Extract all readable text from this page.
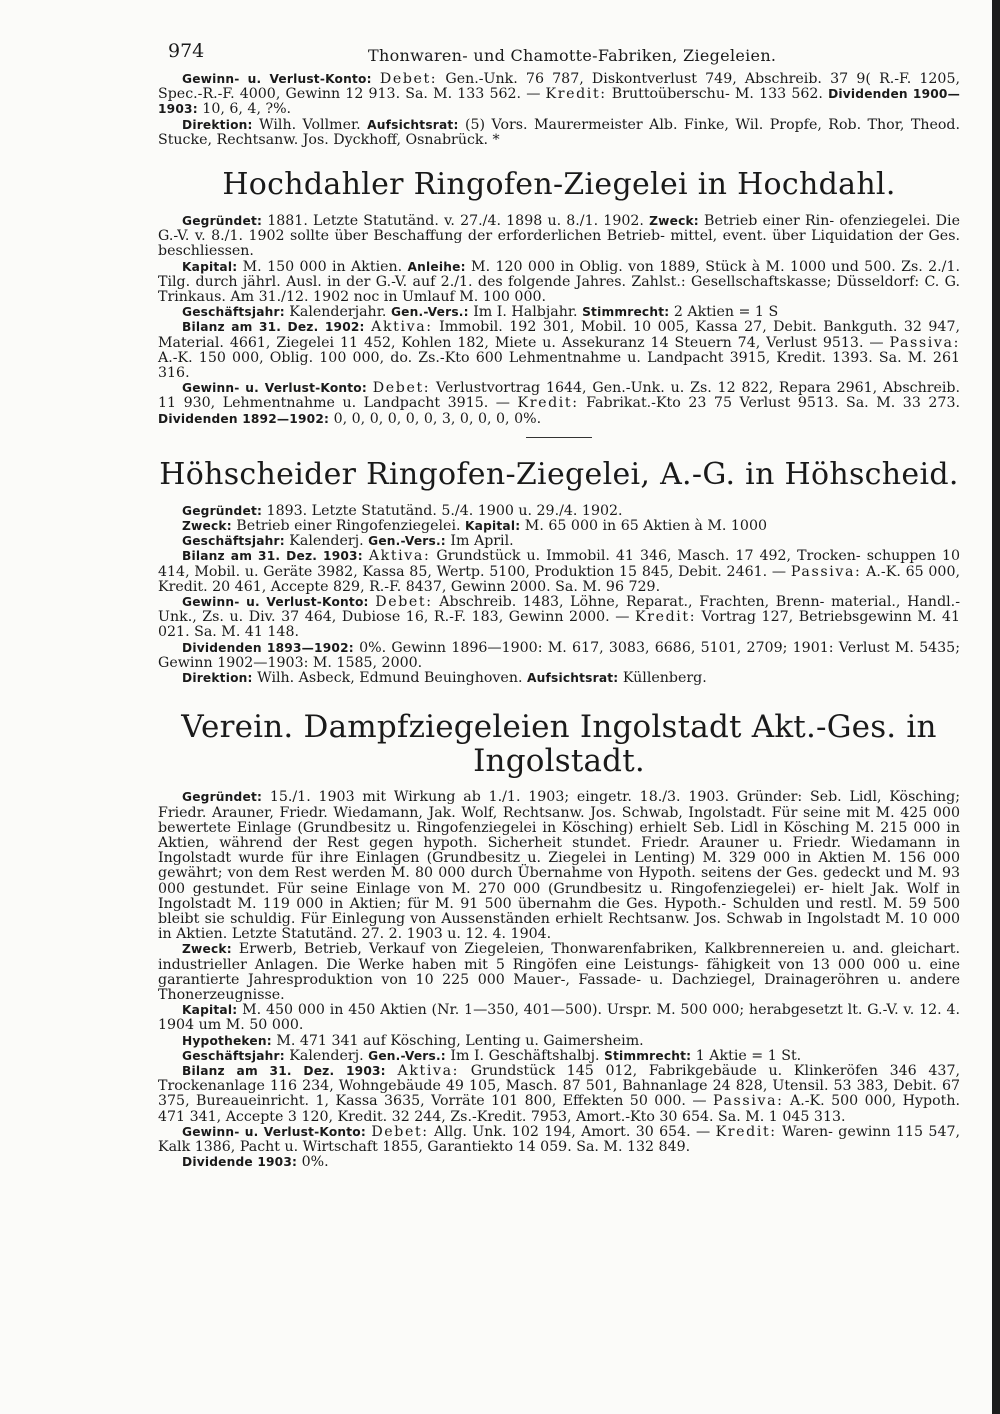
974	Thonwaren- und Chamotte-Fabriken, Ziegeleien.

Gewinn- u. Verlust-Konto: Debet: Gen.-Unk. 76 787, Diskontverlust 749, Abschreib. 37 9( R.-F. 1205, Spec.-R.-F. 4000, Gewinn 12 913. Sa. M. 133 562. — Kredit: Bruttoüberschu- M. 133 562. Dividenden 1900—1903: 10, 6, 4, ?%.

Direktion: Wilh. Vollmer. Aufsichtsrat: (5) Vors. Maurermeister Alb. Finke, Wil. Propfe, Rob. Thor, Theod. Stucke, Rechtsanw. Jos. Dyckhoff, Osnabrück. *

Hochdahler Ringofen-Ziegelei in Hochdahl.

Gegründet: 1881. Letzte Statutänd. v. 27./4. 1898 u. 8./1. 1902. Zweck: Betrieb einer Rin- ofenziegelei. Die G.-V. v. 8./1. 1902 sollte über Beschaffung der erforderlichen Betrieb- mittel, event. über Liquidation der Ges. beschliessen.

Kapital: M. 150 000 in Aktien. Anleihe: M. 120 000 in Oblig. von 1889, Stück à M. 1000 und 500. Zs. 2./1. Tilg. durch jährl. Ausl. in der G.-V. auf 2./1. des folgende Jahres. Zahlst.: Gesellschaftskasse; Düsseldorf: C. G. Trinkaus. Am 31./12. 1902 noc in Umlauf M. 100 000.

Geschäftsjahr: Kalenderjahr. Gen.-Vers.: Im I. Halbjahr. Stimmrecht: 2 Aktien = 1 S

Bilanz am 31. Dez. 1902: Aktiva: Immobil. 192 301, Mobil. 10 005, Kassa 27, Debit. Bankguth. 32 947, Material. 4661, Ziegelei 11 452, Kohlen 182, Miete u. Assekuranz 14 Steuern 74, Verlust 9513. — Passiva: A.-K. 150 000, Oblig. 100 000, do. Zs.-Kto 600 Lehmentnahme u. Landpacht 3915, Kredit. 1393. Sa. M. 261 316.

Gewinn- u. Verlust-Konto: Debet: Verlustvortrag 1644, Gen.-Unk. u. Zs. 12 822, Repara 2961, Abschreib. 11 930, Lehmentnahme u. Landpacht 3915. — Kredit: Fabrikat.-Kto 23 75 Verlust 9513. Sa. M. 33 273. Dividenden 1892—1902: 0, 0, 0, 0, 0, 0, 3, 0, 0, 0, 0%.

Höhscheider Ringofen-Ziegelei, A.-G. in Höhscheid.

Gegründet: 1893. Letzte Statutänd. 5./4. 1900 u. 29./4. 1902.

Zweck: Betrieb einer Ringofenziegelei. Kapital: M. 65 000 in 65 Aktien à M. 1000

Geschäftsjahr: Kalenderj. Gen.-Vers.: Im April.

Bilanz am 31. Dez. 1903: Aktiva: Grundstück u. Immobil. 41 346, Masch. 17 492, Trocken- schuppen 10 414, Mobil. u. Geräte 3982, Kassa 85, Wertp. 5100, Produktion 15 845, Debit. 2461. — Passiva: A.-K. 65 000, Kredit. 20 461, Accepte 829, R.-F. 8437, Gewinn 2000. Sa. M. 96 729.

Gewinn- u. Verlust-Konto: Debet: Abschreib. 1483, Löhne, Reparat., Frachten, Brenn- material., Handl.-Unk., Zs. u. Div. 37 464, Dubiose 16, R.-F. 183, Gewinn 2000. — Kredit: Vortrag 127, Betriebsgewinn M. 41 021. Sa. M. 41 148.

Dividenden 1893—1902: 0%. Gewinn 1896—1900: M. 617, 3083, 6686, 5101, 2709; 1901: Verlust M. 5435; Gewinn 1902—1903: M. 1585, 2000.

Direktion: Wilh. Asbeck, Edmund Beuinghoven. Aufsichtsrat: Küllenberg.

Verein. Dampfziegeleien Ingolstadt Akt.-Ges. in Ingolstadt.

Gegründet: 15./1. 1903 mit Wirkung ab 1./1. 1903; eingetr. 18./3. 1903. Gründer: Seb. Lidl, Kösching; Friedr. Arauner, Friedr. Wiedamann, Jak. Wolf, Rechtsanw. Jos. Schwab, Ingolstadt. Für seine mit M. 425 000 bewertete Einlage (Grundbesitz u. Ringofenziegelei in Kösching) erhielt Seb. Lidl in Kösching M. 215 000 in Aktien, während der Rest gegen hypoth. Sicherheit stundet. Friedr. Arauner u. Friedr. Wiedamann in Ingolstadt wurde für ihre Einlagen (Grundbesitz u. Ziegelei in Lenting) M. 329 000 in Aktien M. 156 000 gewährt; von dem Rest werden M. 80 000 durch Übernahme von Hypoth. seitens der Ges. gedeckt und M. 93 000 gestundet. Für seine Einlage von M. 270 000 (Grundbesitz u. Ringofenziegelei) er- hielt Jak. Wolf in Ingolstadt M. 119 000 in Aktien; für M. 91 500 übernahm die Ges. Hypoth.- Schulden und restl. M. 59 500 bleibt sie schuldig. Für Einlegung von Aussenständen erhielt Rechtsanw. Jos. Schwab in Ingolstadt M. 10 000 in Aktien. Letzte Statutänd. 27. 2. 1903 u. 12. 4. 1904.

Zweck: Erwerb, Betrieb, Verkauf von Ziegeleien, Thonwarenfabriken, Kalkbrennereien u. and. gleichart. industrieller Anlagen. Die Werke haben mit 5 Ringöfen eine Leistungs- fähigkeit von 13 000 000 u. eine garantierte Jahresproduktion von 10 225 000 Mauer-, Fassade- u. Dachziegel, Drainageröhren u. andere Thonerzeugnisse.

Kapital: M. 450 000 in 450 Aktien (Nr. 1—350, 401—500). Urspr. M. 500 000; herabgesetzt lt. G.-V. v. 12. 4. 1904 um M. 50 000.

Hypotheken: M. 471 341 auf Kösching, Lenting u. Gaimersheim.

Geschäftsjahr: Kalenderj. Gen.-Vers.: Im I. Geschäftshalbj. Stimmrecht: 1 Aktie = 1 St.

Bilanz am 31. Dez. 1903: Aktiva: Grundstück 145 012, Fabrikgebäude u. Klinkeröfen 346 437, Trockenanlage 116 234, Wohngebäude 49 105, Masch. 87 501, Bahnanlage 24 828, Utensil. 53 383, Debit. 67 375, Bureaueinricht. 1, Kassa 3635, Vorräte 101 800, Effekten 50 000. — Passiva: A.-K. 500 000, Hypoth. 471 341, Accepte 3 120, Kredit. 32 244, Zs.-Kredit. 7953, Amort.-Kto 30 654. Sa. M. 1 045 313.

Gewinn- u. Verlust-Konto: Debet: Allg. Unk. 102 194, Amort. 30 654. — Kredit: Waren- gewinn 115 547, Kalk 1386, Pacht u. Wirtschaft 1855, Garantiekto 14 059. Sa. M. 132 849.

Dividende 1903: 0%.
